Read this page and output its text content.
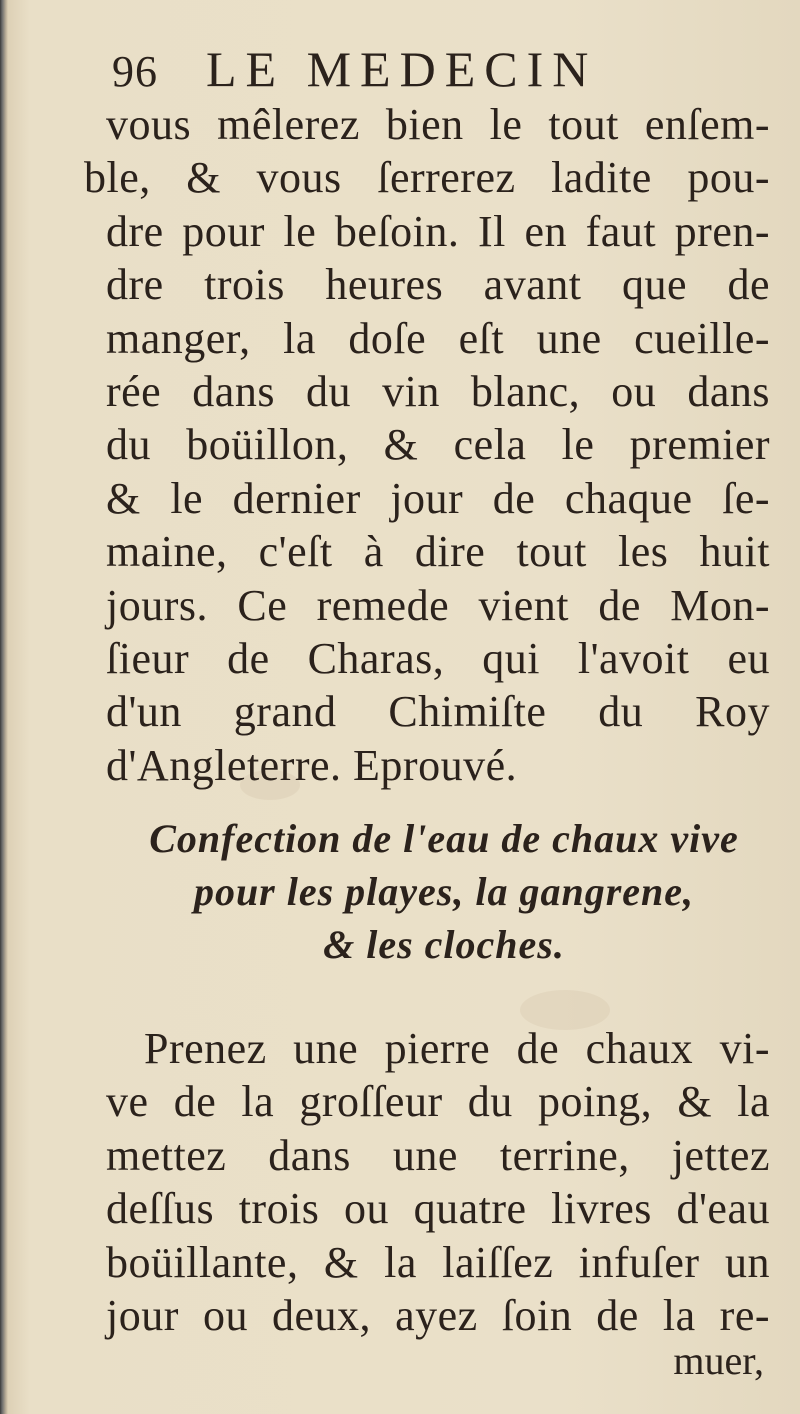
96 LE MEDECIN
vous mêlerez bien le tout enſem-
ble, & vous ſerrerez ladite pou-
dre pour le beſoin. Il en faut pren-
dre trois heures avant que de
manger, la doſe eſt une cueille-
rée dans du vin blanc, ou dans
du boüillon, & cela le premier
& le dernier jour de chaque ſe-
maine, c'eſt à dire tout les huit
jours. Ce remede vient de Mon-
ſieur de Charas, qui l'avoit eu
d'un grand Chimiſte du Roy
d'Angleterre. Eprouvé.
Confection de l'eau de chaux vive
pour les playes, la gangrene,
& les cloches.
Prenez une pierre de chaux vi-
ve de la groſſeur du poing, & la
mettez dans une terrine, jettez
deſſus trois ou quatre livres d'eau
boüillante, & la laiſſez infuſer un
jour ou deux, ayez ſoin de la re-
muer,
